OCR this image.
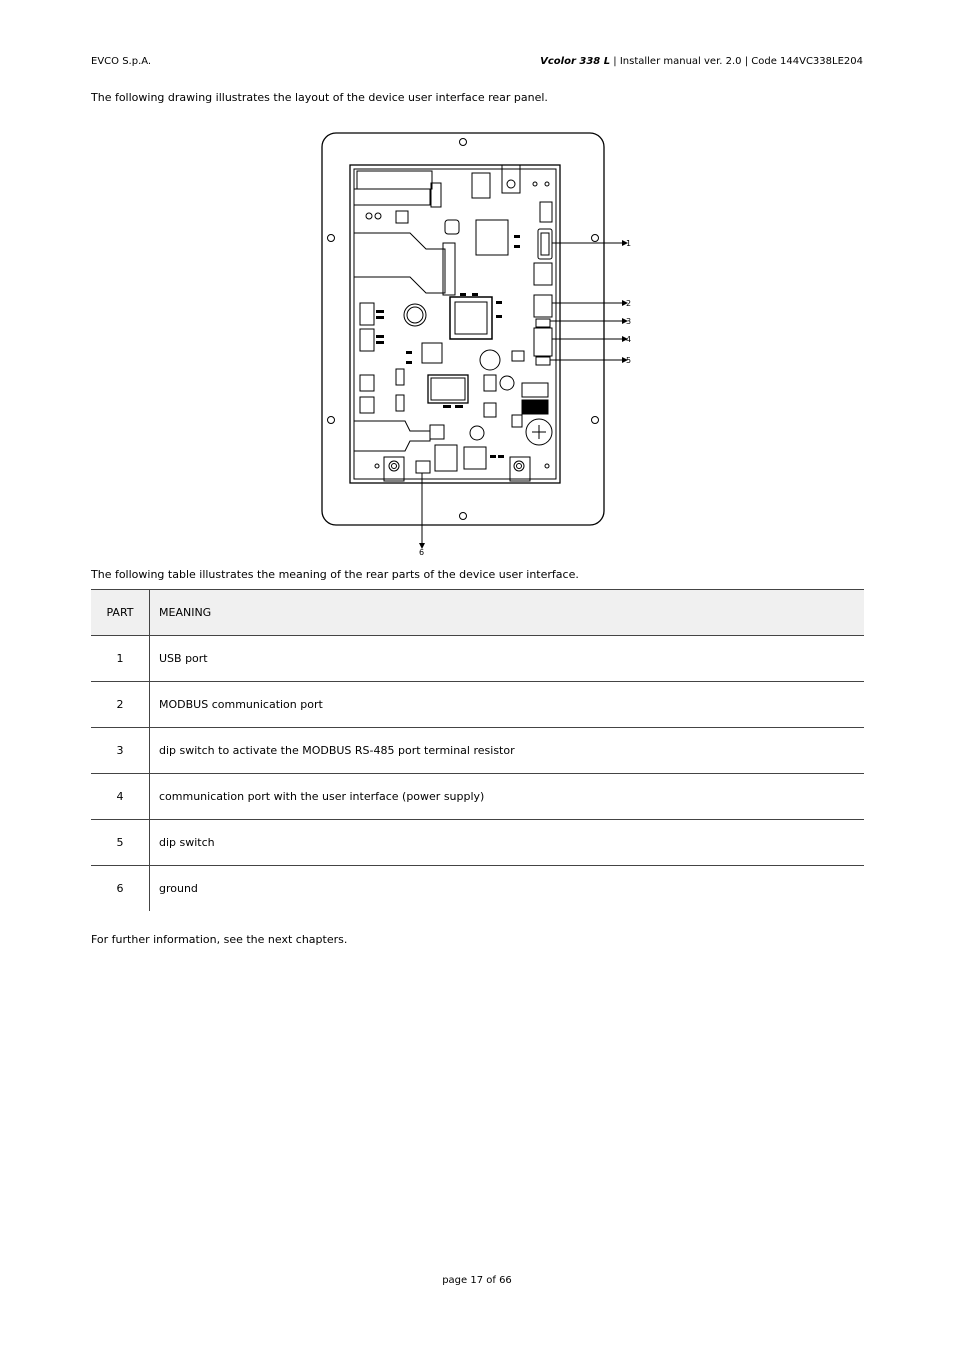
EVCO S.p.A.	Vcolor 338 L | Installer manual ver. 2.0 | Code 144VC338LE204
The following drawing illustrates the layout of the device user interface rear panel.
1
2
3
4
5
6
The following table illustrates the meaning of the rear parts of the device user interface.
PART	MEANING
1	USB port
2	MODBUS communication port
3	dip switch to activate the MODBUS RS-485 port terminal resistor
4	communication port with the user interface (power supply)
5	dip switch
6	ground
For further information, see the next chapters.
page 17 of 66
